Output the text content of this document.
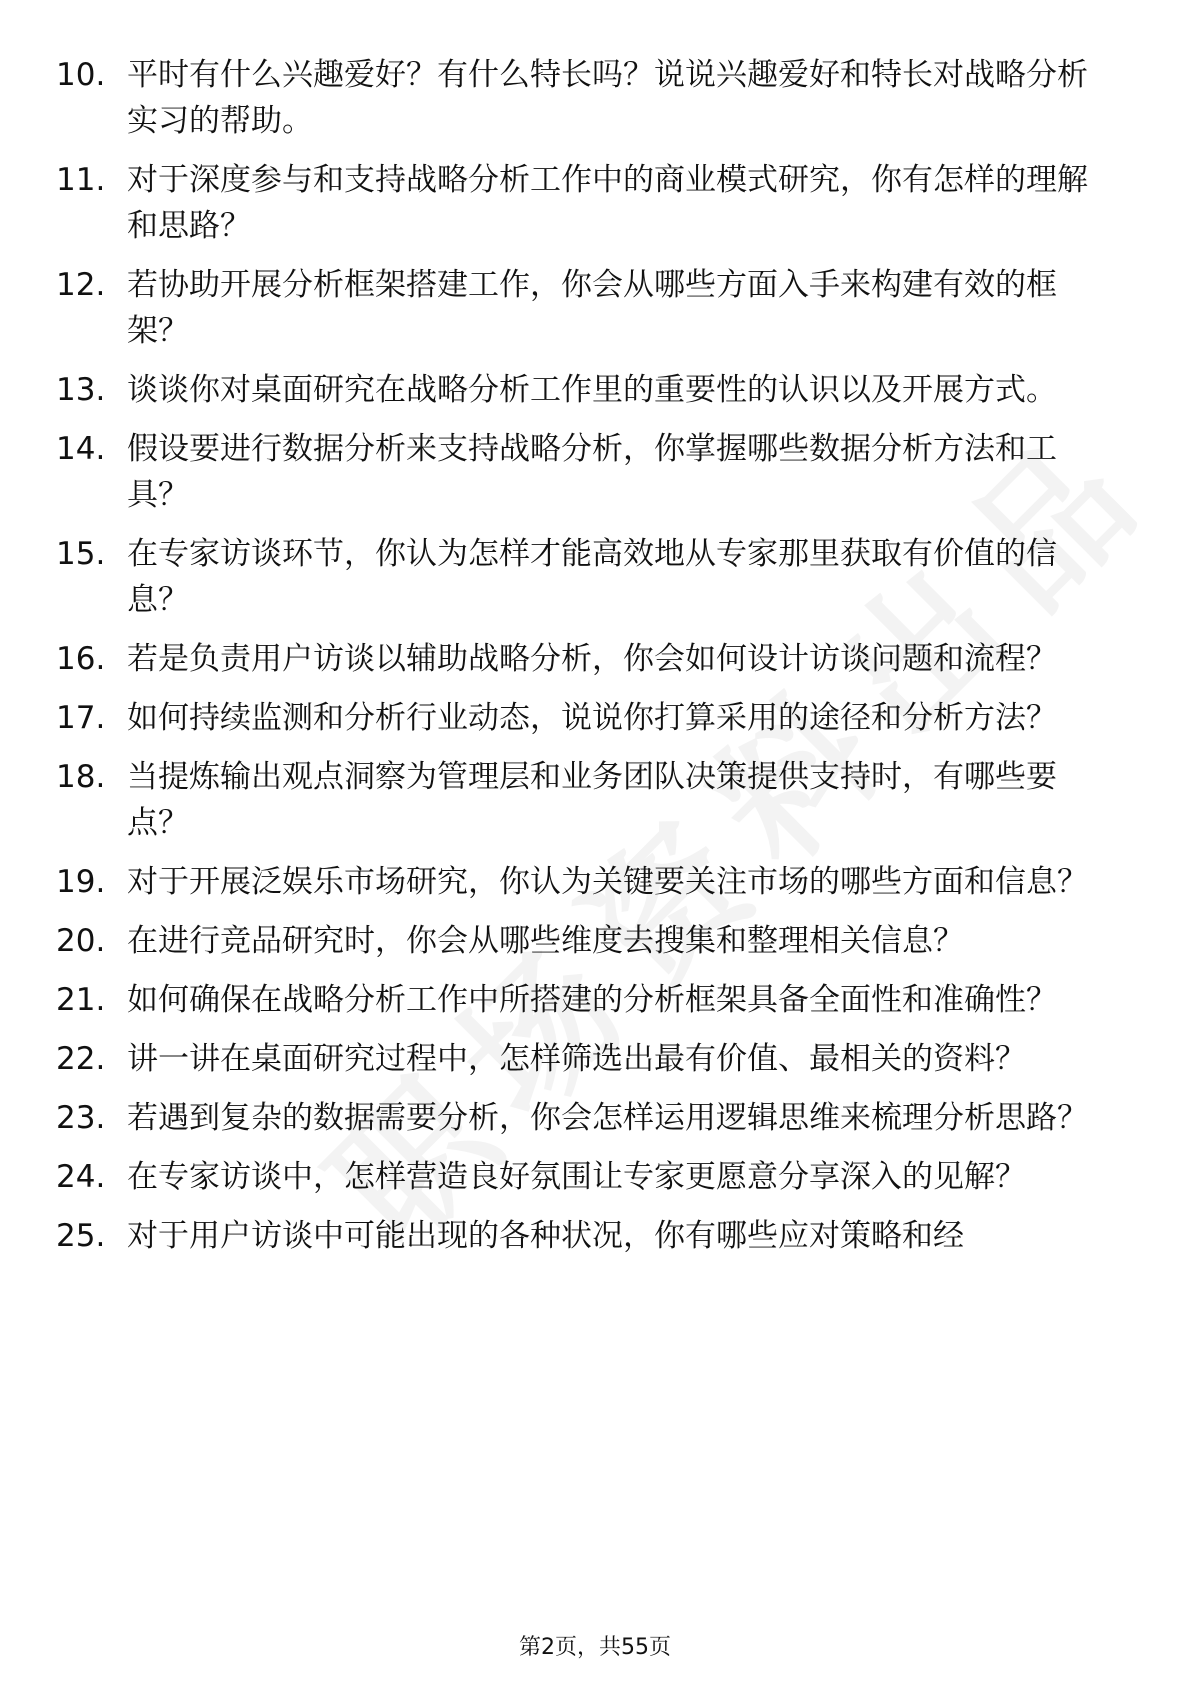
10. 平时有什么兴趣爱好？有什么特长吗？说说兴趣爱好和特长对战略分析实习的帮助。
11. 对于深度参与和支持战略分析工作中的商业模式研究，你有怎样的理解和思路？
12. 若协助开展分析框架搭建工作，你会从哪些方面入手来构建有效的框架？
13. 谈谈你对桌面研究在战略分析工作里的重要性的认识以及开展方式。
14. 假设要进行数据分析来支持战略分析，你掌握哪些数据分析方法和工具？
15. 在专家访谈环节，你认为怎样才能高效地从专家那里获取有价值的信息？
16. 若是负责用户访谈以辅助战略分析，你会如何设计访谈问题和流程？
17. 如何持续监测和分析行业动态，说说你打算采用的途径和分析方法？
18. 当提炼输出观点洞察为管理层和业务团队决策提供支持时，有哪些要点？
19. 对于开展泛娱乐市场研究，你认为关键要关注市场的哪些方面和信息？
20. 在进行竞品研究时，你会从哪些维度去搜集和整理相关信息？
21. 如何确保在战略分析工作中所搭建的分析框架具备全面性和准确性？
22. 讲一讲在桌面研究过程中，怎样筛选出最有价值、最相关的资料？
23. 若遇到复杂的数据需要分析，你会怎样运用逻辑思维来梳理分析思路？
24. 在专家访谈中，怎样营造良好氛围让专家更愿意分享深入的见解？
25. 对于用户访谈中可能出现的各种状况，你有哪些应对策略和经
第2页，共55页
